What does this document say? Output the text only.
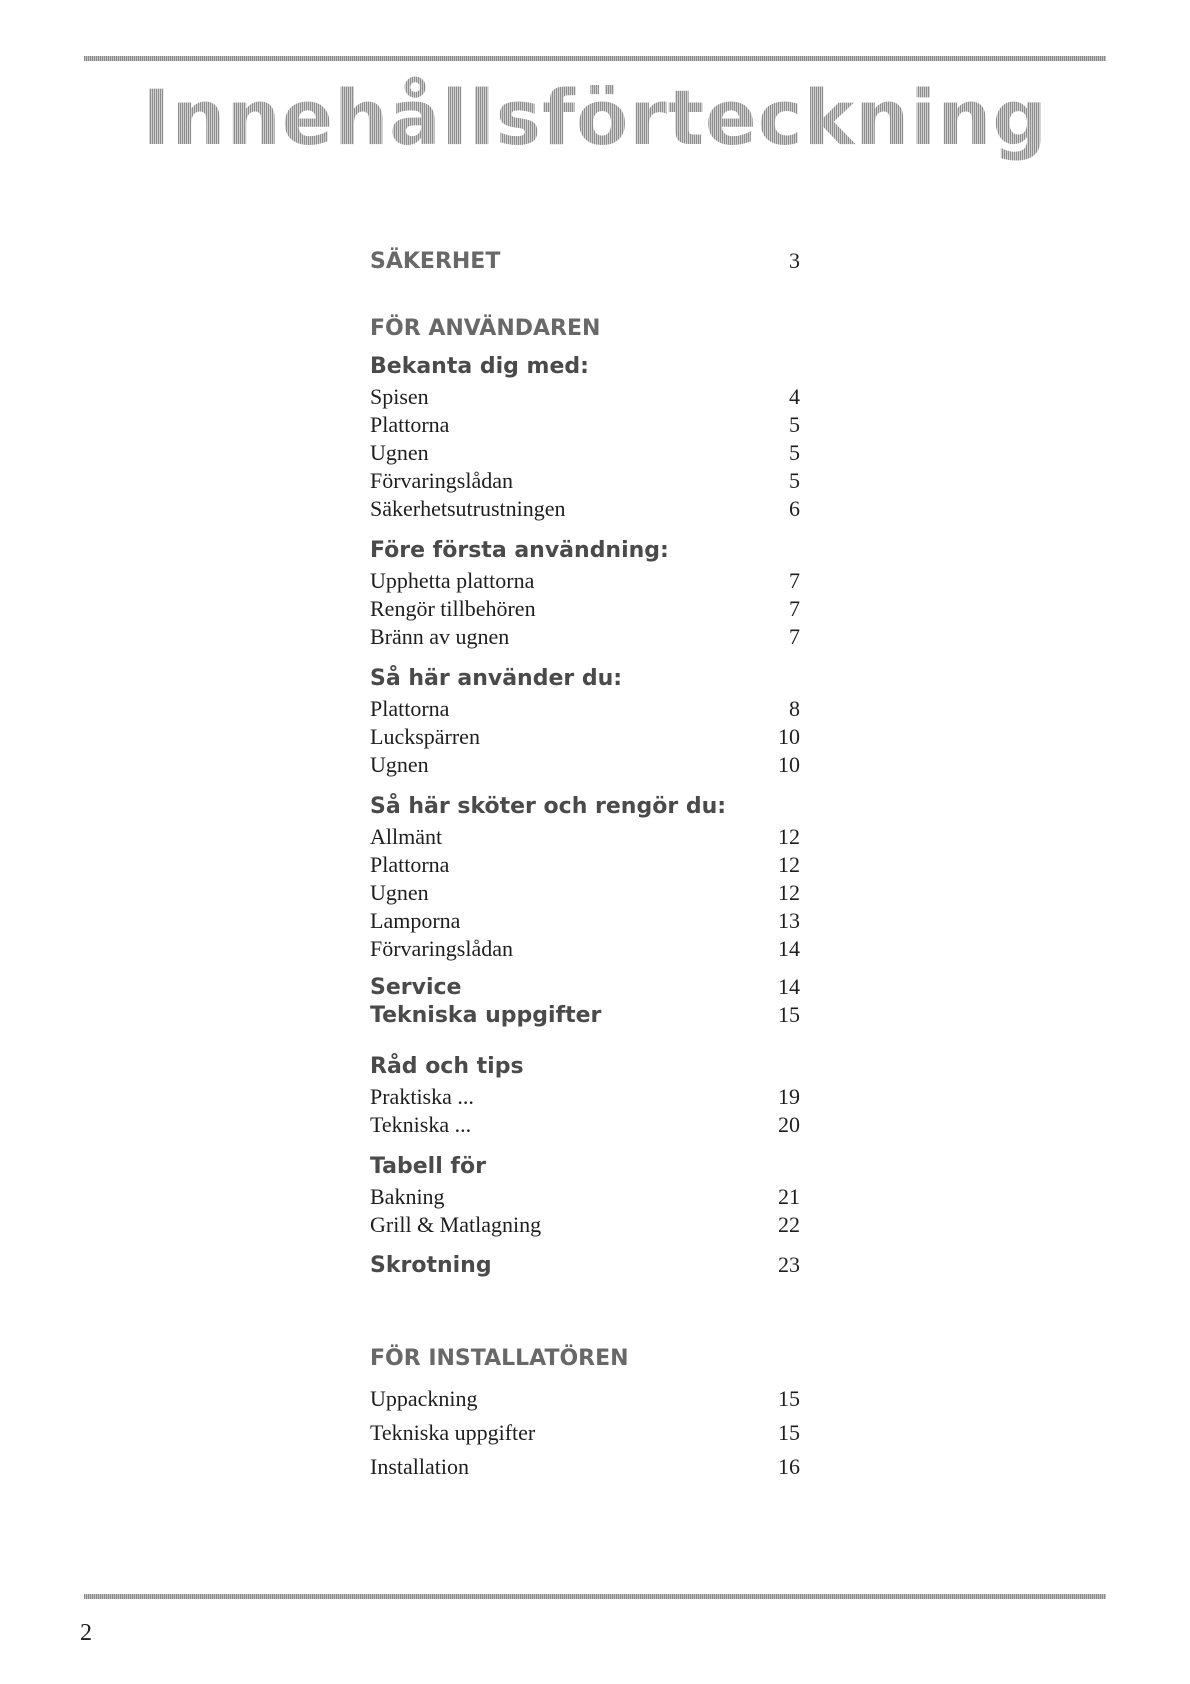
Innehållsförteckning
SÄKERHET	3
FÖR ANVÄNDAREN
Bekanta dig med:
Spisen	4
Plattorna	5
Ugnen	5
Förvaringslådan	5
Säkerhetsutrustningen	6
Före första användning:
Upphetta plattorna	7
Rengör tillbehören	7
Bränn av ugnen	7
Så här använder du:
Plattorna	8
Luckspärren	10
Ugnen	10
Så här sköter och rengör du:
Allmänt	12
Plattorna	12
Ugnen	12
Lamporna	13
Förvaringslådan	14
Service	14
Tekniska uppgifter	15
Råd och tips
Praktiska ...	19
Tekniska ...	20
Tabell för
Bakning	21
Grill & Matlagning	22
Skrotning	23
FÖR INSTALLATÖREN
Uppackning	15
Tekniska uppgifter	15
Installation	16
2
